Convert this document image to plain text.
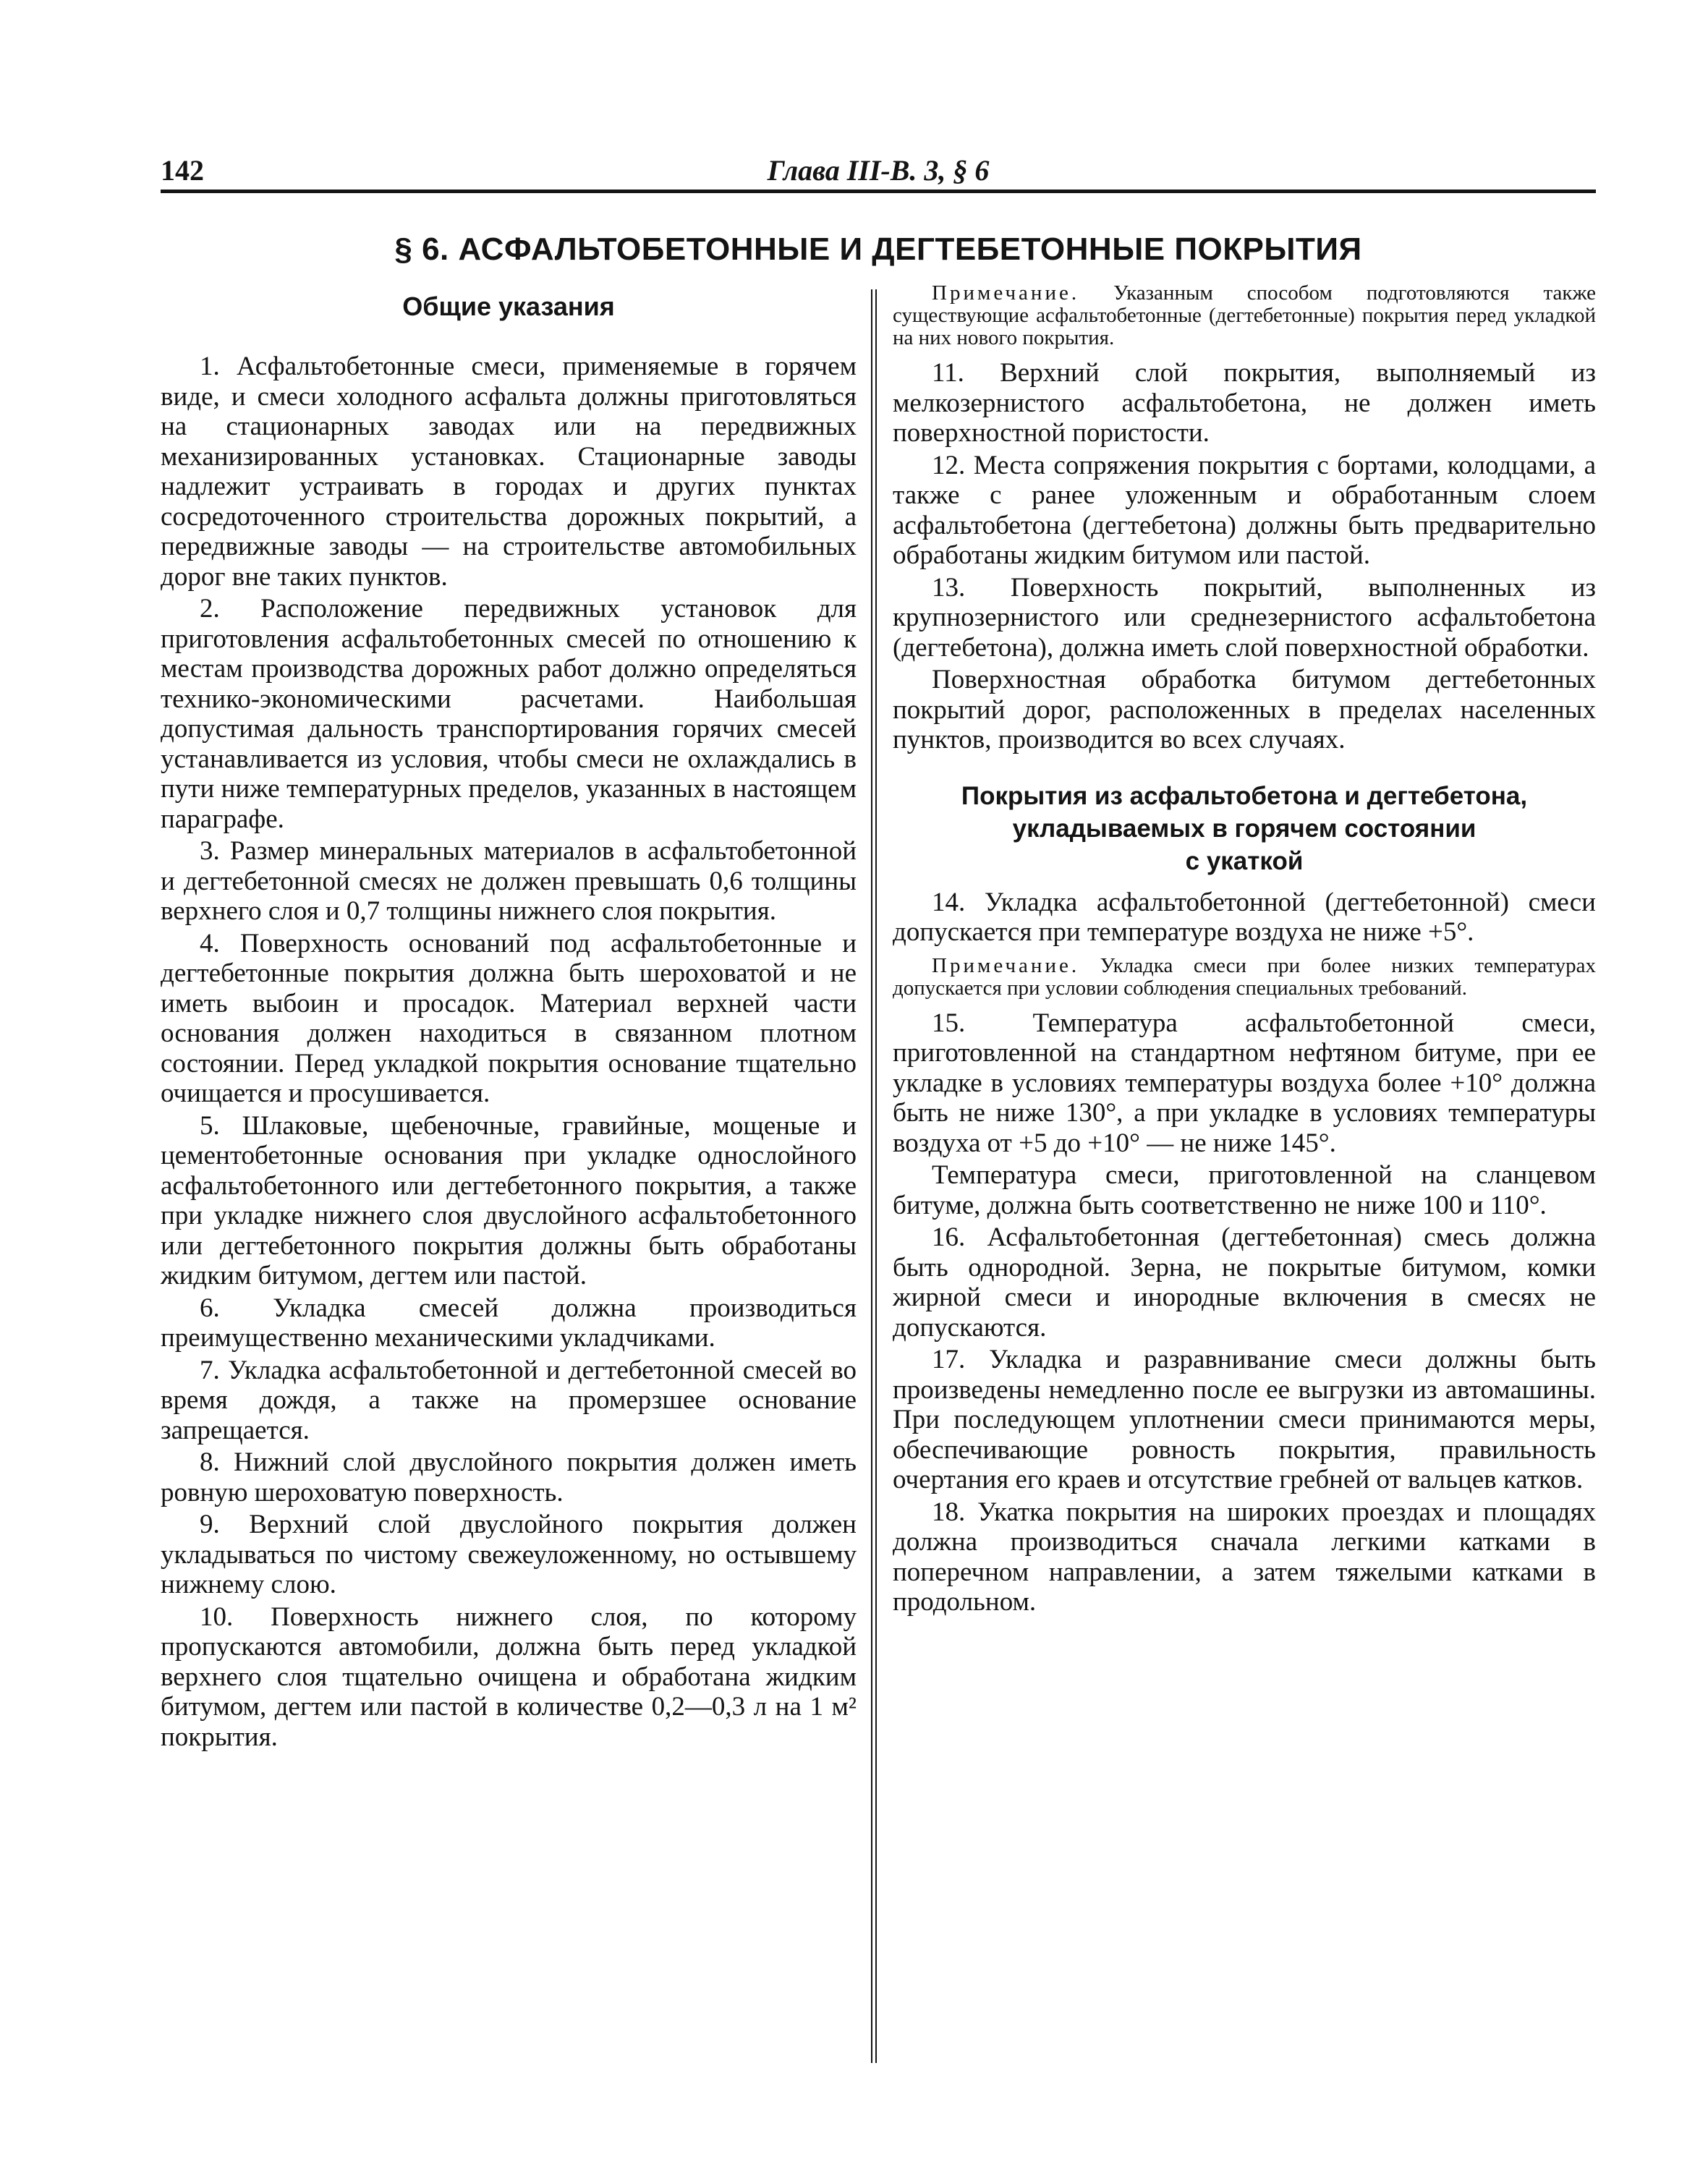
142	Глава III-В. 3, § 6
§ 6. АСФАЛЬТОБЕТОННЫЕ И ДЕГТЕБЕТОННЫЕ ПОКРЫТИЯ
Общие указания

1. Асфальтобетонные смеси, применяемые в горячем виде, и смеси холодного асфальта должны приготовляться на стационарных заводах или на передвижных механизированных установках. Стационарные заводы надлежит устраивать в городах и других пунктах сосредоточенного строительства дорожных покрытий, а передвижные заводы — на строительстве автомобильных дорог вне таких пунктов.

2. Расположение передвижных установок для приготовления асфальтобетонных смесей по отношению к местам производства дорожных работ должно определяться технико-экономическими расчетами. Наибольшая допустимая дальность транспортирования горячих смесей устанавливается из условия, чтобы смеси не охлаждались в пути ниже температурных пределов, указанных в настоящем параграфе.

3. Размер минеральных материалов в асфальтобетонной и дегтебетонной смесях не должен превышать 0,6 толщины верхнего слоя и 0,7 толщины нижнего слоя покрытия.

4. Поверхность оснований под асфальтобетонные и дегтебетонные покрытия должна быть шероховатой и не иметь выбоин и просадок. Материал верхней части основания должен находиться в связанном плотном состоянии. Перед укладкой покрытия основание тщательно очищается и просушивается.

5. Шлаковые, щебеночные, гравийные, мощеные и цементобетонные основания при укладке однослойного асфальтобетонного или дегтебетонного покрытия, а также при укладке нижнего слоя двуслойного асфальтобетонного или дегтебетонного покрытия должны быть обработаны жидким битумом, дегтем или пастой.

6. Укладка смесей должна производиться преимущественно механическими укладчиками.

7. Укладка асфальтобетонной и дегтебетонной смесей во время дождя, а также на промерзшее основание запрещается.

8. Нижний слой двуслойного покрытия должен иметь ровную шероховатую поверхность.

9. Верхний слой двуслойного покрытия должен укладываться по чистому свежеуложенному, но остывшему нижнему слою.

10. Поверхность нижнего слоя, по которому пропускаются автомобили, должна быть перед укладкой верхнего слоя тщательно очищена и обработана жидким битумом, дегтем или пастой в количестве 0,2—0,3 л на 1 м² покрытия.

Примечание. Указанным способом подготовляются также существующие асфальтобетонные (дегтебетонные) покрытия перед укладкой на них нового покрытия.

11. Верхний слой покрытия, выполняемый из мелкозернистого асфальтобетона, не должен иметь поверхностной пористости.

12. Места сопряжения покрытия с бортами, колодцами, а также с ранее уложенным и обработанным слоем асфальтобетона (дегтебетона) должны быть предварительно обработаны жидким битумом или пастой.

13. Поверхность покрытий, выполненных из крупнозернистого или среднезернистого асфальтобетона (дегтебетона), должна иметь слой поверхностной обработки.

Поверхностная обработка битумом дегтебетонных покрытий дорог, расположенных в пределах населенных пунктов, производится во всех случаях.

Покрытия из асфальтобетона и дегтебетона,
укладываемых в горячем состоянии
с укаткой

14. Укладка асфальтобетонной (дегтебетонной) смеси допускается при температуре воздуха не ниже +5°.

Примечание. Укладка смеси при более низких температурах допускается при условии соблюдения специальных требований.

15. Температура асфальтобетонной смеси, приготовленной на стандартном нефтяном битуме, при ее укладке в условиях температуры воздуха более +10° должна быть не ниже 130°, а при укладке в условиях температуры воздуха от +5 до +10° — не ниже 145°.

Температура смеси, приготовленной на сланцевом битуме, должна быть соответственно не ниже 100 и 110°.

16. Асфальтобетонная (дегтебетонная) смесь должна быть однородной. Зерна, не покрытые битумом, комки жирной смеси и инородные включения в смесях не допускаются.

17. Укладка и разравнивание смеси должны быть произведены немедленно после ее выгрузки из автомашины. При последующем уплотнении смеси принимаются меры, обеспечивающие ровность покрытия, правильность очертания его краев и отсутствие гребней от вальцев катков.

18. Укатка покрытия на широких проездах и площадях должна производиться сначала легкими катками в поперечном направлении, а затем тяжелыми катками в продольном.
